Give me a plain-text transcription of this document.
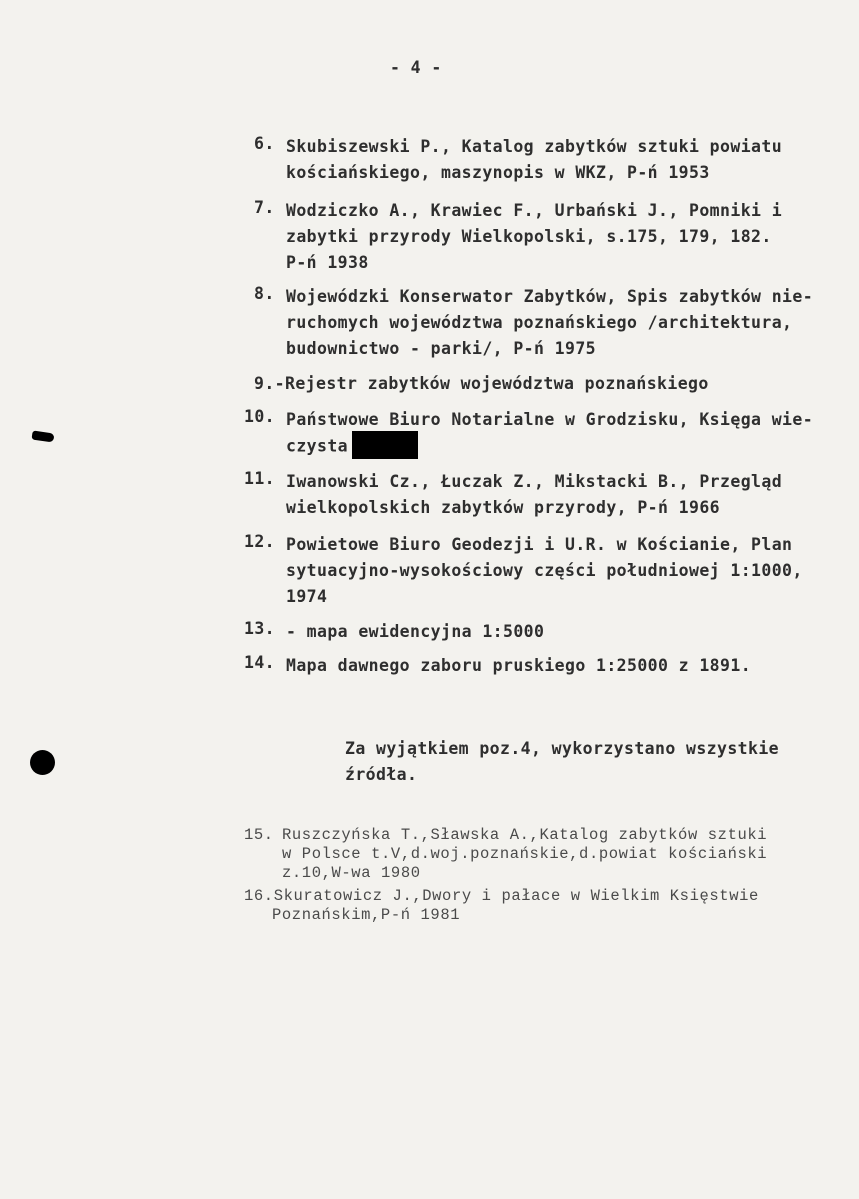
- 4 -
6. Skubiszewski P., Katalog zabytków sztuki powiatu
kościańskiego, maszynopis w WKZ, P-ń 1953
7. Wodziczko A., Krawiec F., Urbański J., Pomniki i
zabytki przyrody Wielkopolski, s.175, 179, 182.
P-ń 1938
8. Wojewódzki Konserwator Zabytków, Spis zabytków nie-
ruchomych województwa poznańskiego /architektura,
budownictwo - parki/, P-ń 1975
9.-Rejestr zabytków województwa poznańskiego
10. Państwowe Biuro Notarialne w Grodzisku, Księga wie-
czysta
11. Iwanowski Cz., Łuczak Z., Mikstacki B., Przegląd
wielkopolskich zabytków przyrody, P-ń 1966
12. Powietowe Biuro Geodezji i U.R. w Kościanie, Plan
sytuacyjno-wysokościowy części południowej 1:1000,
1974
13. - mapa ewidencyjna 1:5000
14. Mapa dawnego zaboru pruskiego 1:25000 z 1891.
Za wyjątkiem poz.4, wykorzystano wszystkie
źródła.
15. Ruszczyńska T.,Sławska A.,Katalog zabytków sztuki
w Polsce t.V,d.woj.poznańskie,d.powiat kościański
z.10,W-wa 1980
16.Skuratowicz J.,Dwory i pałace w Wielkim Księstwie
Poznańskim,P-ń 1981
